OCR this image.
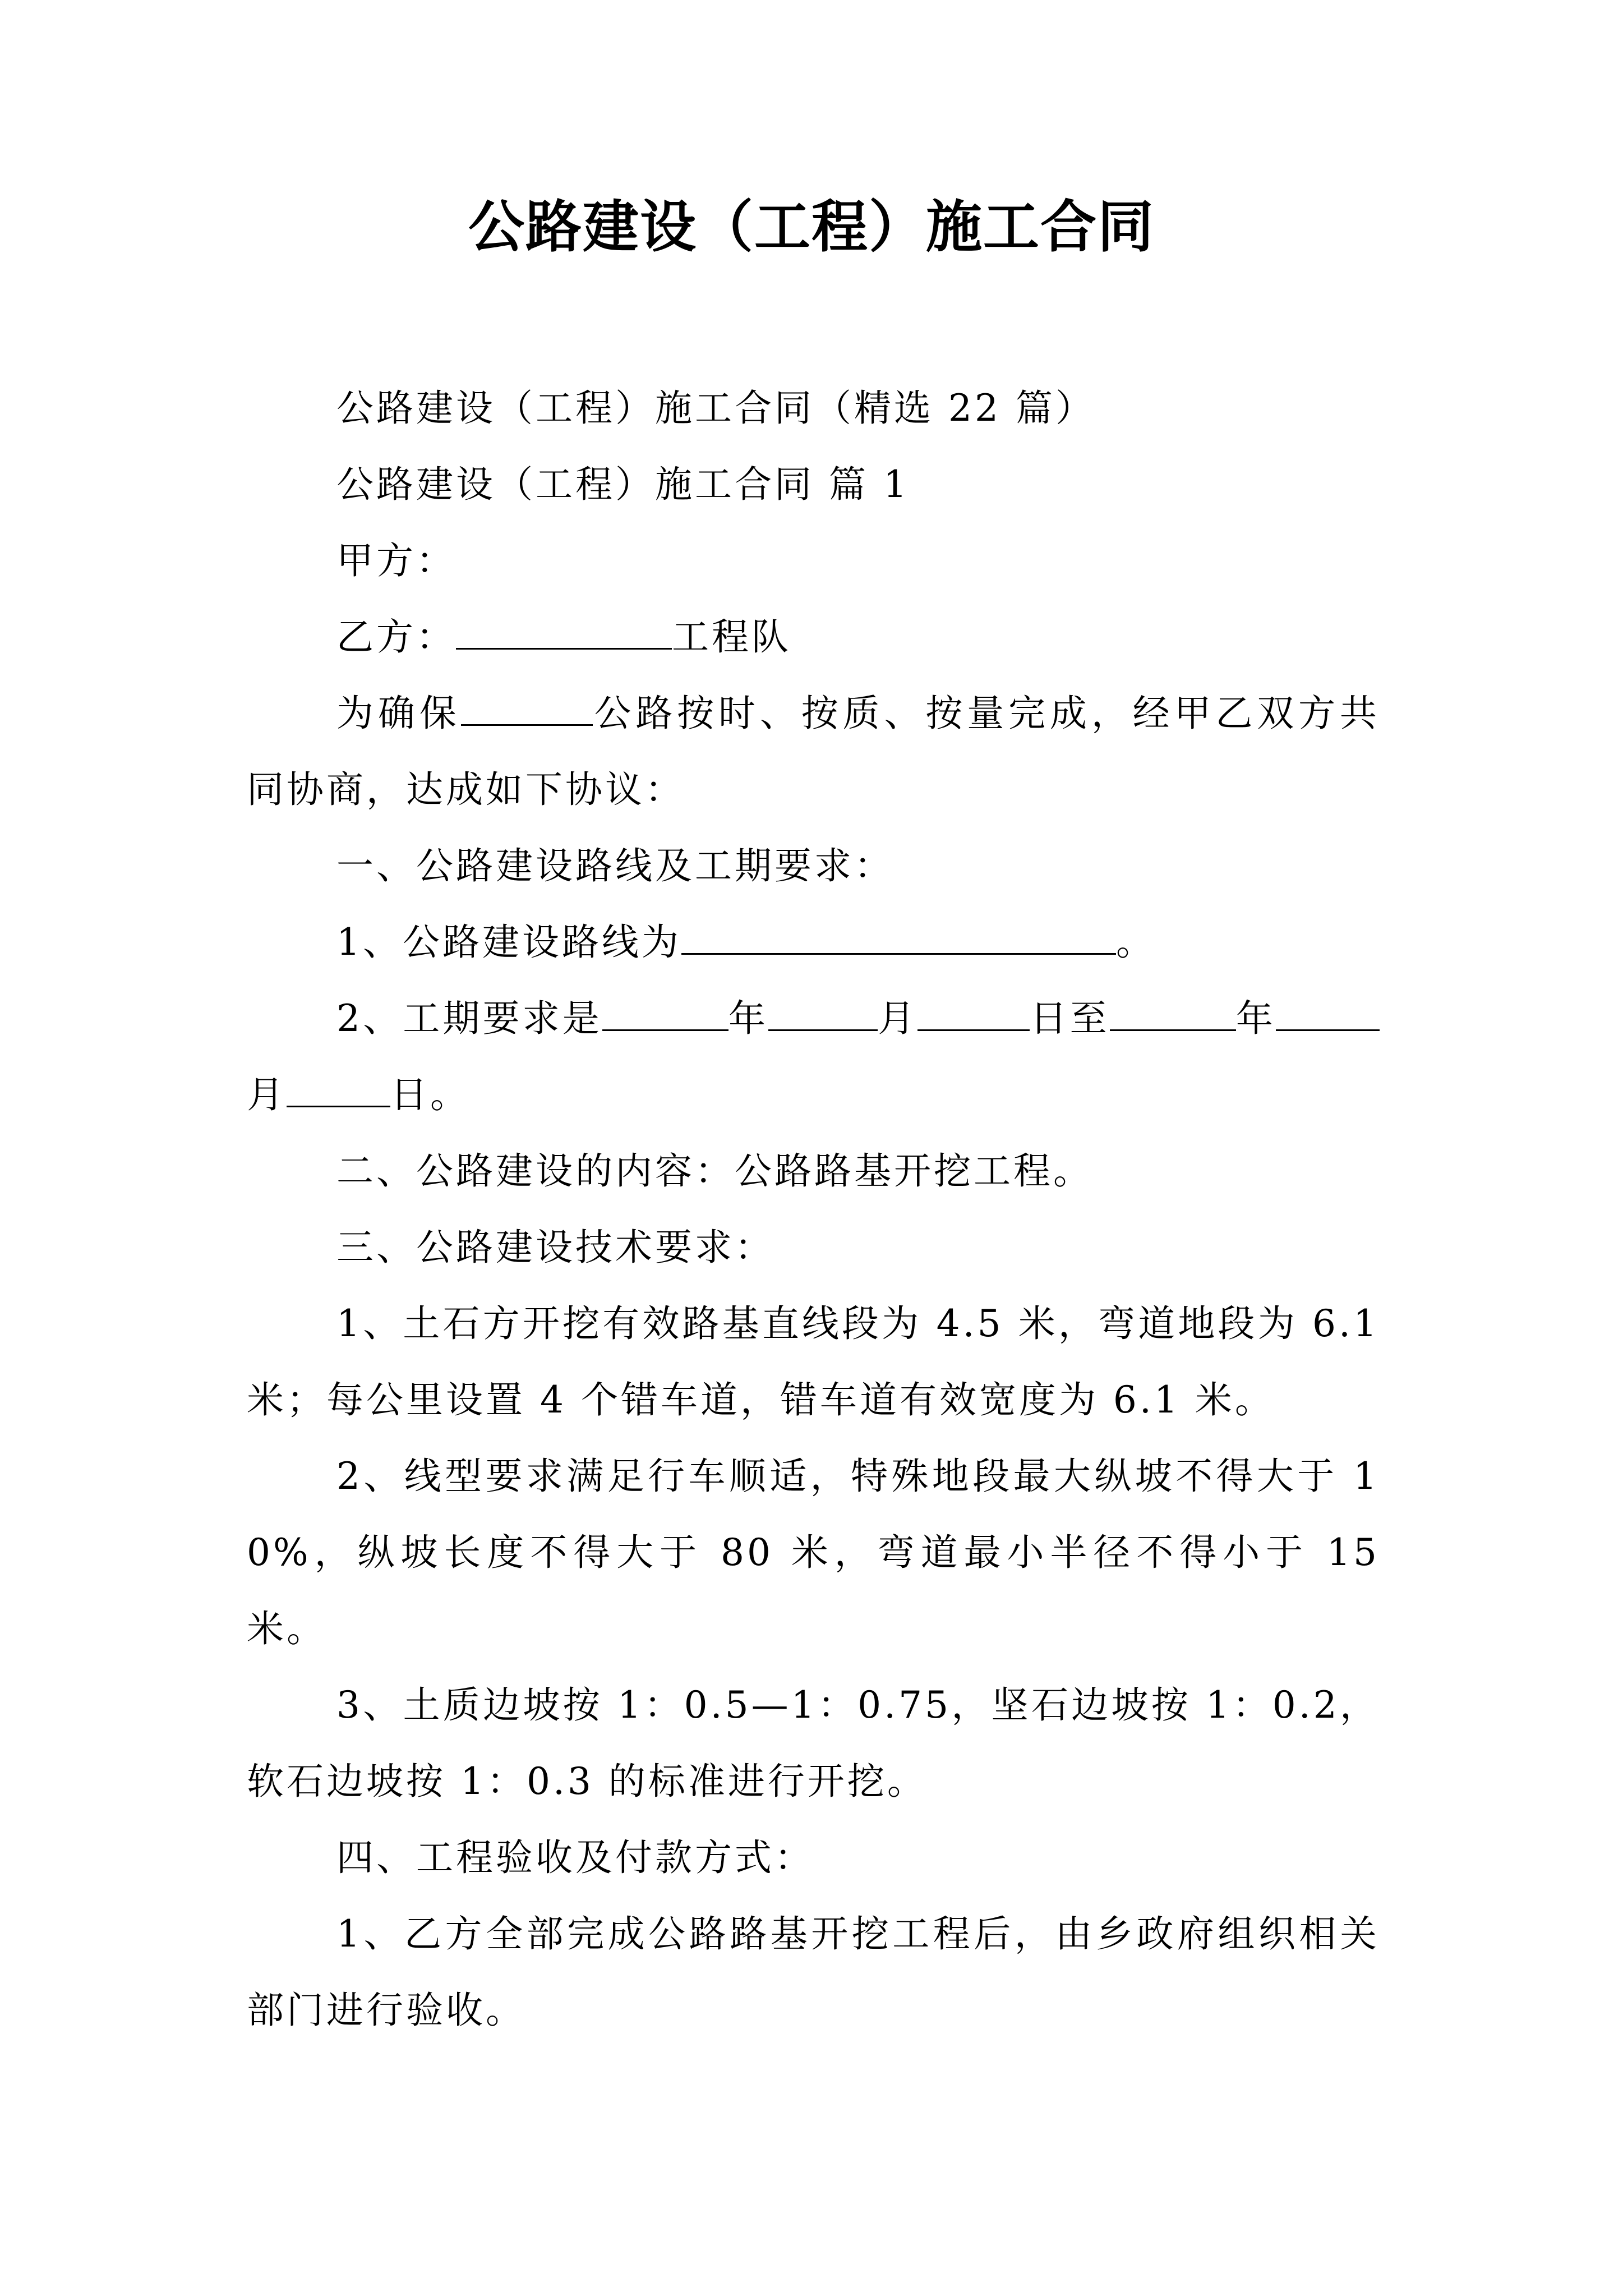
公路建设（工程）施工合同

公路建设（工程）施工合同（精选 22 篇）

公路建设（工程）施工合同 篇 1

甲方：

乙方：	工程队

为确保	公路按时、按质、按量完成，经甲乙双方共同协商，达成如下协议：

一、公路建设路线及工期要求：

1、公路建设路线为	。

2、工期要求是	年	月	日至	年月	日。

二、公路建设的内容：公路路基开挖工程。

三、公路建设技术要求：

1、土石方开挖有效路基直线段为 4.5 米，弯道地段为 6.1 米；每公里设置 4 个错车道，错车道有效宽度为 6.1 米。

2、线型要求满足行车顺适，特殊地段最大纵坡不得大于 10%，纵坡长度不得大于 80 米，弯道最小半径不得小于 15 米。

3、土质边坡按 1：0.5—1：0.75，坚石边坡按 1：0.2，软石边坡按 1：0.3 的标准进行开挖。

四、工程验收及付款方式：

1、乙方全部完成公路路基开挖工程后，由乡政府组织相关部门进行验收。
